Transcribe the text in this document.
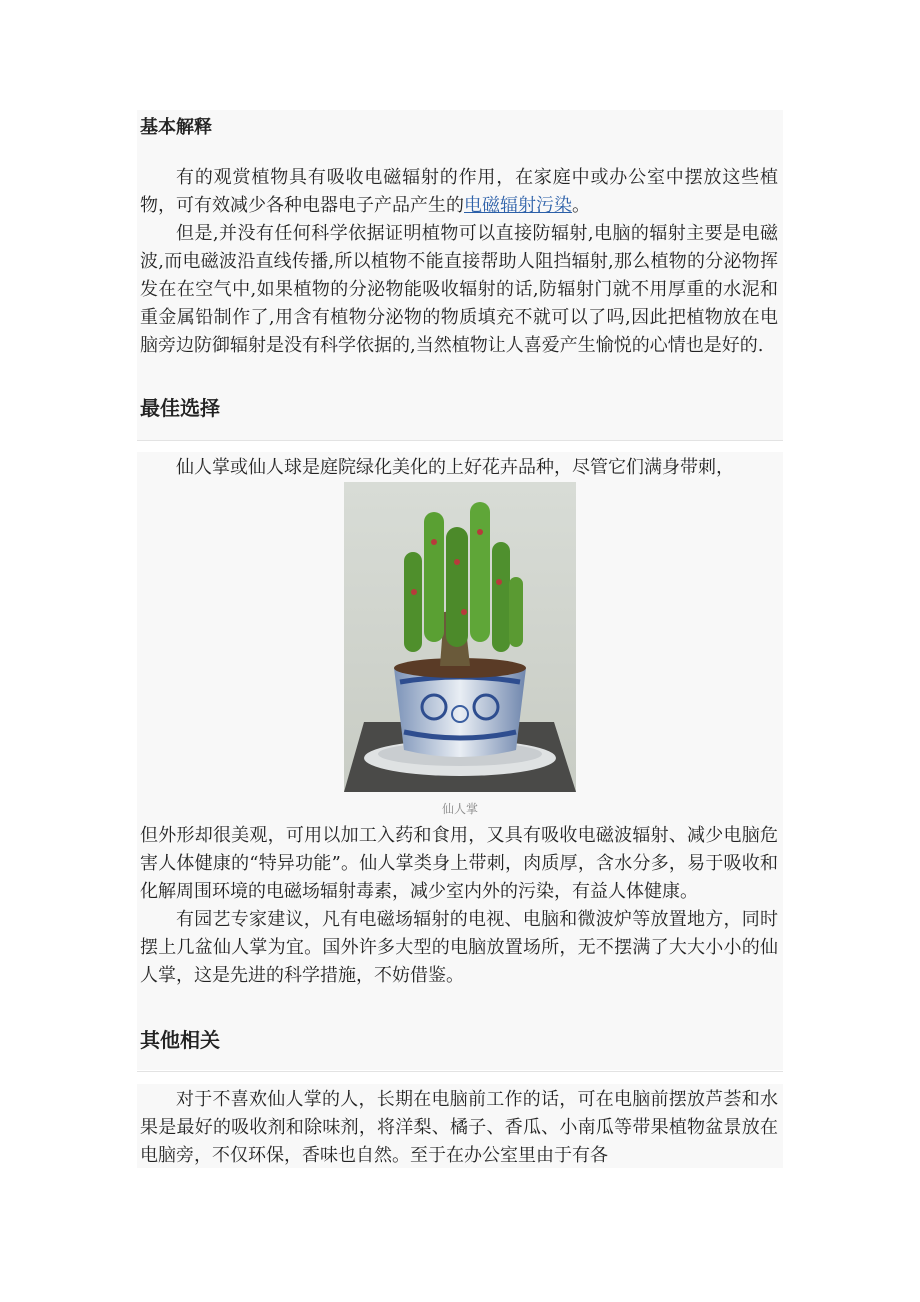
基本解释

有的观赏植物具有吸收电磁辐射的作用，在家庭中或办公室中摆放这些植物，可有效减少各种电器电子产品产生的电磁辐射污染。

但是,并没有任何科学依据证明植物可以直接防辐射,电脑的辐射主要是电磁波,而电磁波沿直线传播,所以植物不能直接帮助人阻挡辐射,那么植物的分泌物挥发在在空气中,如果植物的分泌物能吸收辐射的话,防辐射门就不用厚重的水泥和重金属铅制作了,用含有植物分泌物的物质填充不就可以了吗,因此把植物放在电脑旁边防御辐射是没有科学依据的,当然植物让人喜爱产生愉悦的心情也是好的.

最佳选择

仙人掌或仙人球是庭院绿化美化的上好花卉品种，尽管它们满身带刺，

仙人掌

但外形却很美观，可用以加工入药和食用，又具有吸收电磁波辐射、减少电脑危害人体健康的“特异功能”。仙人掌类身上带刺，肉质厚，含水分多，易于吸收和化解周围环境的电磁场辐射毒素，减少室内外的污染，有益人体健康。

有园艺专家建议，凡有电磁场辐射的电视、电脑和微波炉等放置地方，同时摆上几盆仙人掌为宜。国外许多大型的电脑放置场所，无不摆满了大大小小的仙人掌，这是先进的科学措施，不妨借鉴。

其他相关

对于不喜欢仙人掌的人，长期在电脑前工作的话，可在电脑前摆放芦荟和水果是最好的吸收剂和除味剂，将洋梨、橘子、香瓜、小南瓜等带果植物盆景放在电脑旁，不仅环保，香味也自然。至于在办公室里由于有各
